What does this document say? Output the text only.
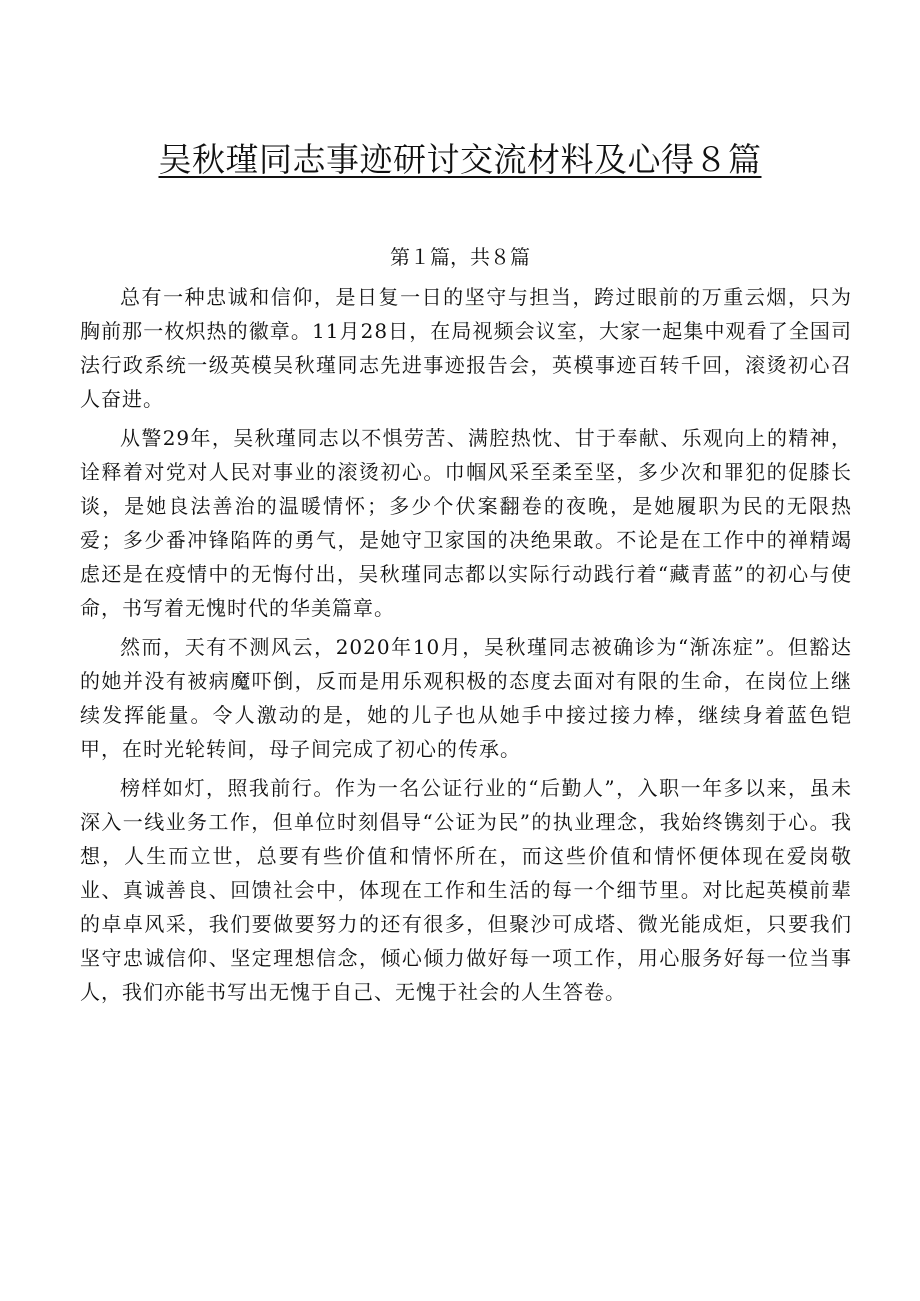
吴秋瑾同志事迹研讨交流材料及心得８篇
第１篇，共８篇

总有一种忠诚和信仰，是日复一日的坚守与担当，跨过眼前的万重云烟，只为胸前那一枚炽热的徽章。11月28日，在局视频会议室，大家一起集中观看了全国司法行政系统一级英模吴秋瑾同志先进事迹报告会，英模事迹百转千回，滚烫初心召人奋进。

从警29年，吴秋瑾同志以不惧劳苦、满腔热忱、甘于奉献、乐观向上的精神，诠释着对党对人民对事业的滚烫初心。巾帼风采至柔至坚，多少次和罪犯的促膝长谈，是她良法善治的温暖情怀；多少个伏案翻卷的夜晚，是她履职为民的无限热爱；多少番冲锋陷阵的勇气，是她守卫家国的决绝果敢。不论是在工作中的禅精竭虑还是在疫情中的无悔付出，吴秋瑾同志都以实际行动践行着“藏青蓝”的初心与使命，书写着无愧时代的华美篇章。

然而，天有不测风云，2020年10月，吴秋瑾同志被确诊为“渐冻症”。但豁达的她并没有被病魔吓倒，反而是用乐观积极的态度去面对有限的生命，在岗位上继续发挥能量。令人激动的是，她的儿子也从她手中接过接力棒，继续身着蓝色铠甲，在时光轮转间，母子间完成了初心的传承。

榜样如灯，照我前行。作为一名公证行业的“后勤人”，入职一年多以来，虽未深入一线业务工作，但单位时刻倡导“公证为民”的执业理念，我始终镌刻于心。我想，人生而立世，总要有些价值和情怀所在，而这些价值和情怀便体现在爱岗敬业、真诚善良、回馈社会中，体现在工作和生活的每一个细节里。对比起英模前辈的卓卓风采，我们要做要努力的还有很多，但聚沙可成塔、微光能成炬，只要我们坚守忠诚信仰、坚定理想信念，倾心倾力做好每一项工作，用心服务好每一位当事人，我们亦能书写出无愧于自己、无愧于社会的人生答卷。
